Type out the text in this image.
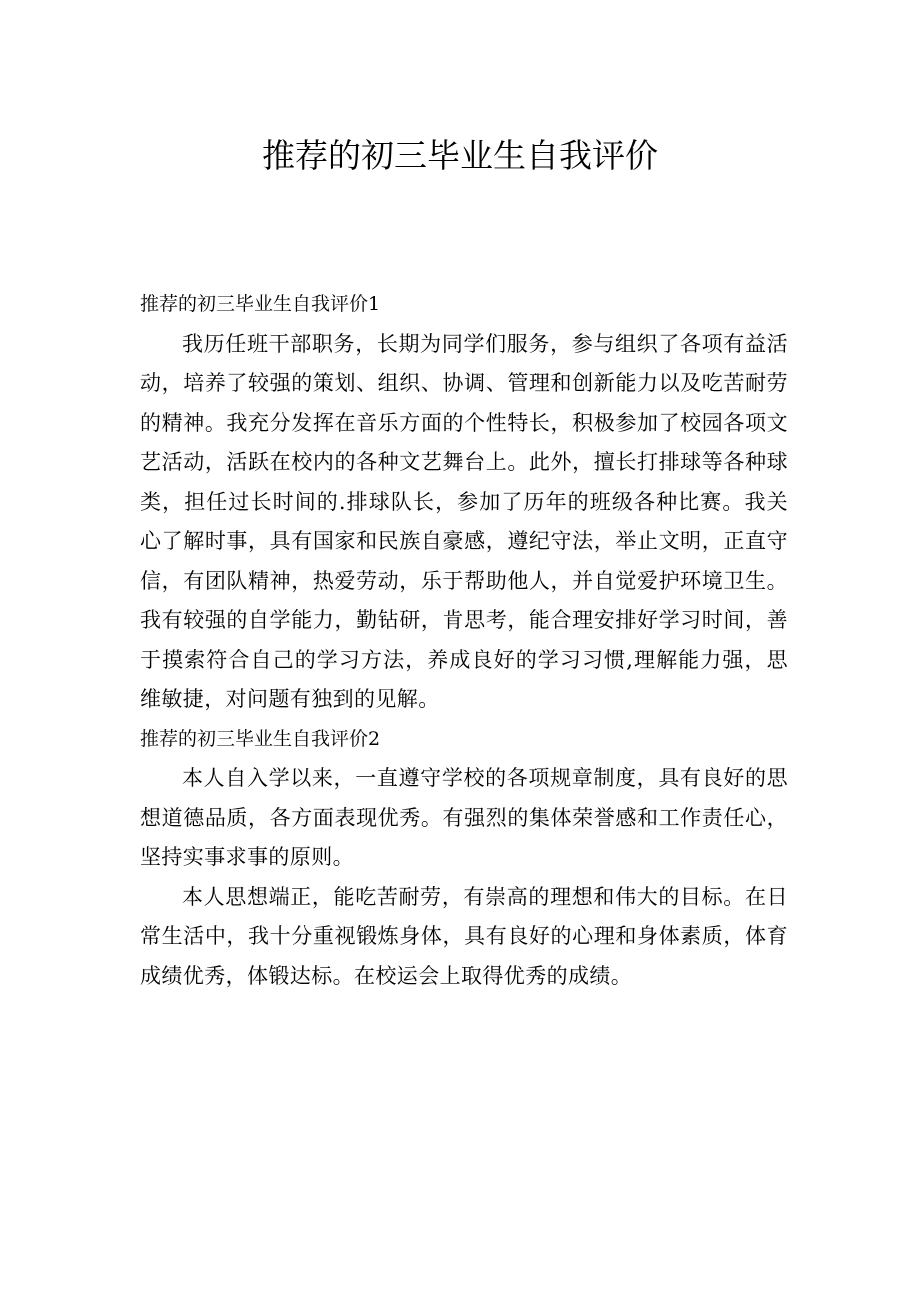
推荐的初三毕业生自我评价
推荐的初三毕业生自我评价1

我历任班干部职务，长期为同学们服务，参与组织了各项有益活动，培养了较强的策划、组织、协调、管理和创新能力以及吃苦耐劳的精神。我充分发挥在音乐方面的个性特长，积极参加了校园各项文艺活动，活跃在校内的各种文艺舞台上。此外，擅长打排球等各种球类，担任过长时间的.排球队长，参加了历年的班级各种比赛。我关心了解时事，具有国家和民族自豪感，遵纪守法，举止文明，正直守信，有团队精神，热爱劳动，乐于帮助他人，并自觉爱护环境卫生。我有较强的自学能力，勤钻研，肯思考，能合理安排好学习时间，善于摸索符合自己的学习方法，养成良好的学习习惯,理解能力强，思维敏捷，对问题有独到的见解。

推荐的初三毕业生自我评价2

本人自入学以来，一直遵守学校的各项规章制度，具有良好的思想道德品质，各方面表现优秀。有强烈的集体荣誉感和工作责任心，坚持实事求事的原则。

本人思想端正，能吃苦耐劳，有崇高的理想和伟大的目标。在日常生活中，我十分重视锻炼身体，具有良好的心理和身体素质，体育成绩优秀，体锻达标。在校运会上取得优秀的成绩。
